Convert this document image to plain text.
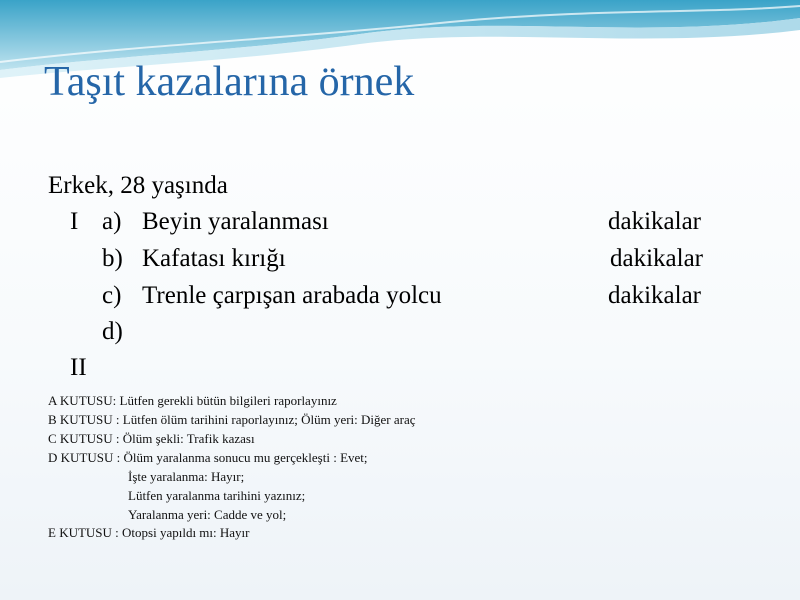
Taşıt kazalarına örnek
Erkek, 28 yaşında
I a) Beyin yaralanması	dakikalar
b) Kafatası kırığı	dakikalar
c) Trenle çarpışan arabada yolcu	dakikalar
d)
II
A KUTUSU: Lütfen gerekli bütün bilgileri raporlayınız
B KUTUSU : Lütfen ölüm tarihini raporlayınız; Ölüm yeri: Diğer araç
C KUTUSU : Ölüm şekli: Trafik kazası
D KUTUSU : Ölüm yaralanma sonucu mu gerçekleşti : Evet;
İşte yaralanma: Hayır;
Lütfen yaralanma tarihini yazınız;
Yaralanma yeri: Cadde ve yol;
E KUTUSU : Otopsi yapıldı mı: Hayır
